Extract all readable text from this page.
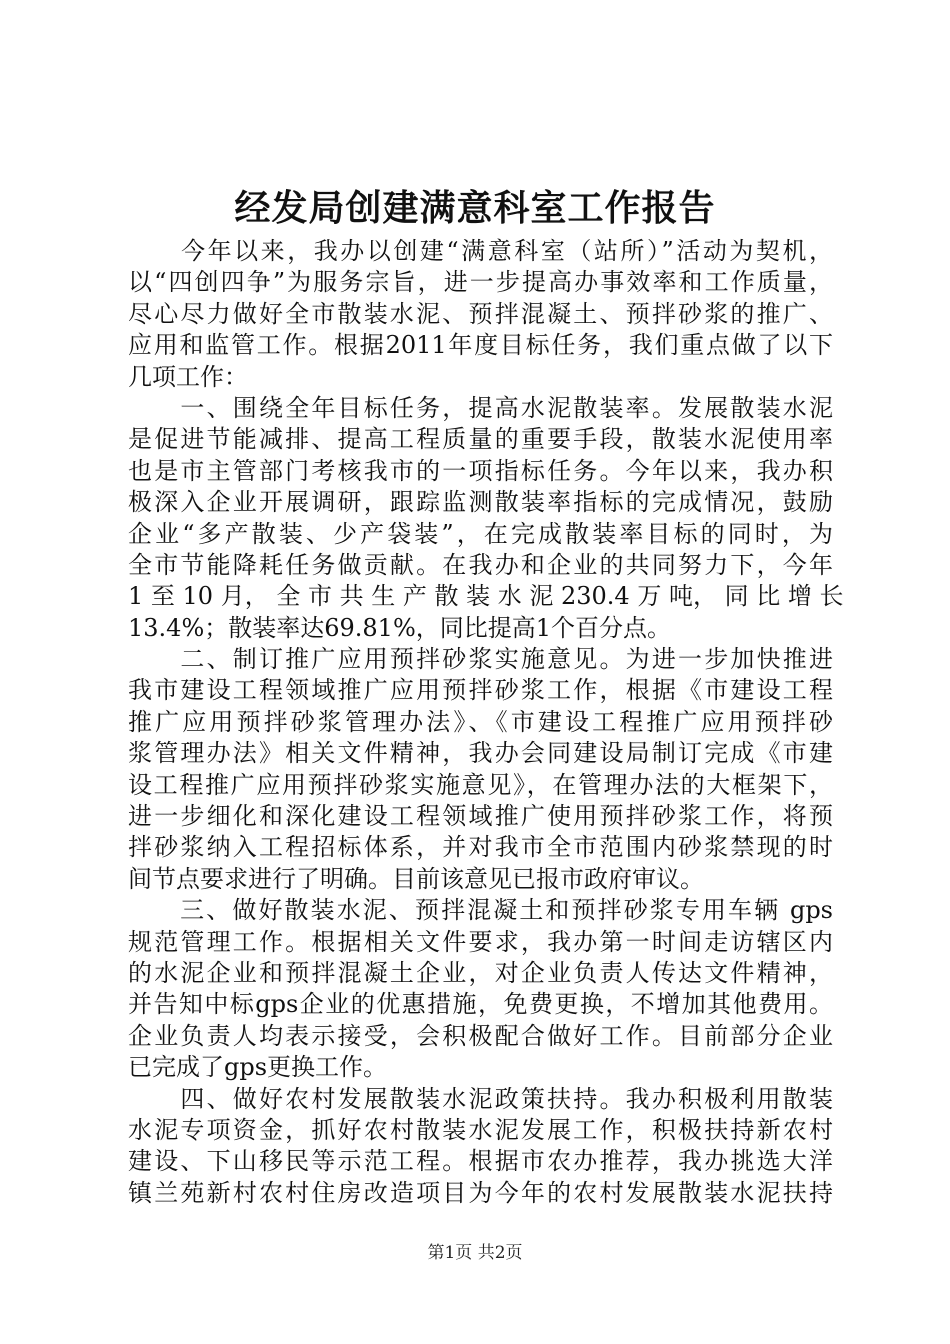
经发局创建满意科室工作报告
　　今年以来，我办以创建“满意科室（站所）”活动为契机，
以“四创四争”为服务宗旨，进一步提高办事效率和工作质量，
尽心尽力做好全市散装水泥、预拌混凝土、预拌砂浆的推广、
应用和监管工作。根据2011年度目标任务，我们重点做了以下
几项工作：
　　一、围绕全年目标任务，提高水泥散装率。发展散装水泥
是促进节能减排、提高工程质量的重要手段，散装水泥使用率
也是市主管部门考核我市的一项指标任务。今年以来，我办积
极深入企业开展调研，跟踪监测散装率指标的完成情况，鼓励
企业“多产散装、少产袋装”，在完成散装率目标的同时，为
全市节能降耗任务做贡献。在我办和企业的共同努力下，今年
1 至 10 月， 全 市 共 生 产 散 装 水 泥 230.4 万 吨， 同 比 增 长
13.4%；散装率达69.81%，同比提高1个百分点。
　　二、制订推广应用预拌砂浆实施意见。为进一步加快推进
我市建设工程领域推广应用预拌砂浆工作，根据《市建设工程
推广应用预拌砂浆管理办法》、《市建设工程推广应用预拌砂
浆管理办法》相关文件精神，我办会同建设局制订完成《市建
设工程推广应用预拌砂浆实施意见》，在管理办法的大框架下，
进一步细化和深化建设工程领域推广使用预拌砂浆工作，将预
拌砂浆纳入工程招标体系，并对我市全市范围内砂浆禁现的时
间节点要求进行了明确。目前该意见已报市政府审议。
　　三、做好散装水泥、预拌混凝土和预拌砂浆专用车辆 gps
规范管理工作。根据相关文件要求，我办第一时间走访辖区内
的水泥企业和预拌混凝土企业，对企业负责人传达文件精神，
并告知中标gps企业的优惠措施，免费更换，不增加其他费用。
企业负责人均表示接受，会积极配合做好工作。目前部分企业
已完成了gps更换工作。
　　四、做好农村发展散装水泥政策扶持。我办积极利用散装
水泥专项资金，抓好农村散装水泥发展工作，积极扶持新农村
建设、下山移民等示范工程。根据市农办推荐，我办挑选大洋
镇兰苑新村农村住房改造项目为今年的农村发展散装水泥扶持
第1页 共2页
